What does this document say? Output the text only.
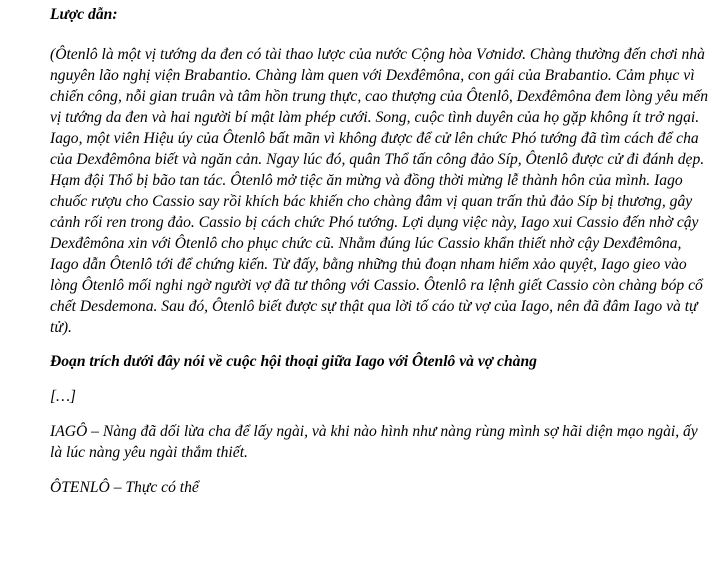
Lược dẫn:

(Ôtenlô là một vị tướng da đen có tài thao lược của nước Cộng hòa Vơnidơ. Chàng thường đến chơi nhà nguyên lão nghị viện Brabantio. Chàng làm quen với Dexđêmôna, con gái của Brabantio. Cảm phục vì chiến công, nỗi gian truân và tâm hồn trung thực, cao thượng của Ôtenlô, Dexđêmôna đem lòng yêu mến vị tướng da đen và hai người bí mật làm phép cưới. Song, cuộc tình duyên của họ gặp không ít trở ngại. Iago, một viên Hiệu úy của Ôtenlô bất mãn vì không được để cử lên chức Phó tướng đã tìm cách để cha của Dexđêmôna biết và ngăn cản. Ngay lúc đó, quân Thổ tấn công đảo Síp, Ôtenlô được cử đi đánh dẹp. Hạm đội Thổ bị bão tan tác. Ôtenlô mở tiệc ăn mừng và đồng thời mừng lễ thành hôn của mình. Iago chuốc rượu cho Cassio say rồi khích bác khiến cho chàng đâm vị quan trấn thủ đảo Síp bị thương, gây cảnh rối ren trong đảo. Cassio bị cách chức Phó tướng. Lợi dụng việc này, Iago xui Cassio đến nhờ cậy Dexđêmôna xin với Ôtenlô cho phục chức cũ. Nhằm đúng lúc Cassio khẩn thiết nhờ cậy Dexđêmôna, Iago dẫn Ôtenlô tới để chứng kiến. Từ đấy, bằng những thủ đoạn nham hiểm xảo quyệt, Iago gieo vào lòng Ôtenlô mối nghi ngờ người vợ đã tư thông với Cassio. Ôtenlô ra lệnh giết Cassio còn chàng bóp cổ chết Desdemona. Sau đó, Ôtenlô biết được sự thật qua lời tố cáo từ vợ của Iago, nên đã đâm Iago và tự tử).

Đoạn trích dưới đây nói về cuộc hội thoại giữa Iago với Ôtenlô và vợ chàng

[…]

IAGÔ – Nàng đã dối lừa cha để lấy ngài, và khi nào hình như nàng rùng mình sợ hãi diện mạo ngài, ấy là lúc nàng yêu ngài thắm thiết.

ÔTENLÔ – Thực có thể
